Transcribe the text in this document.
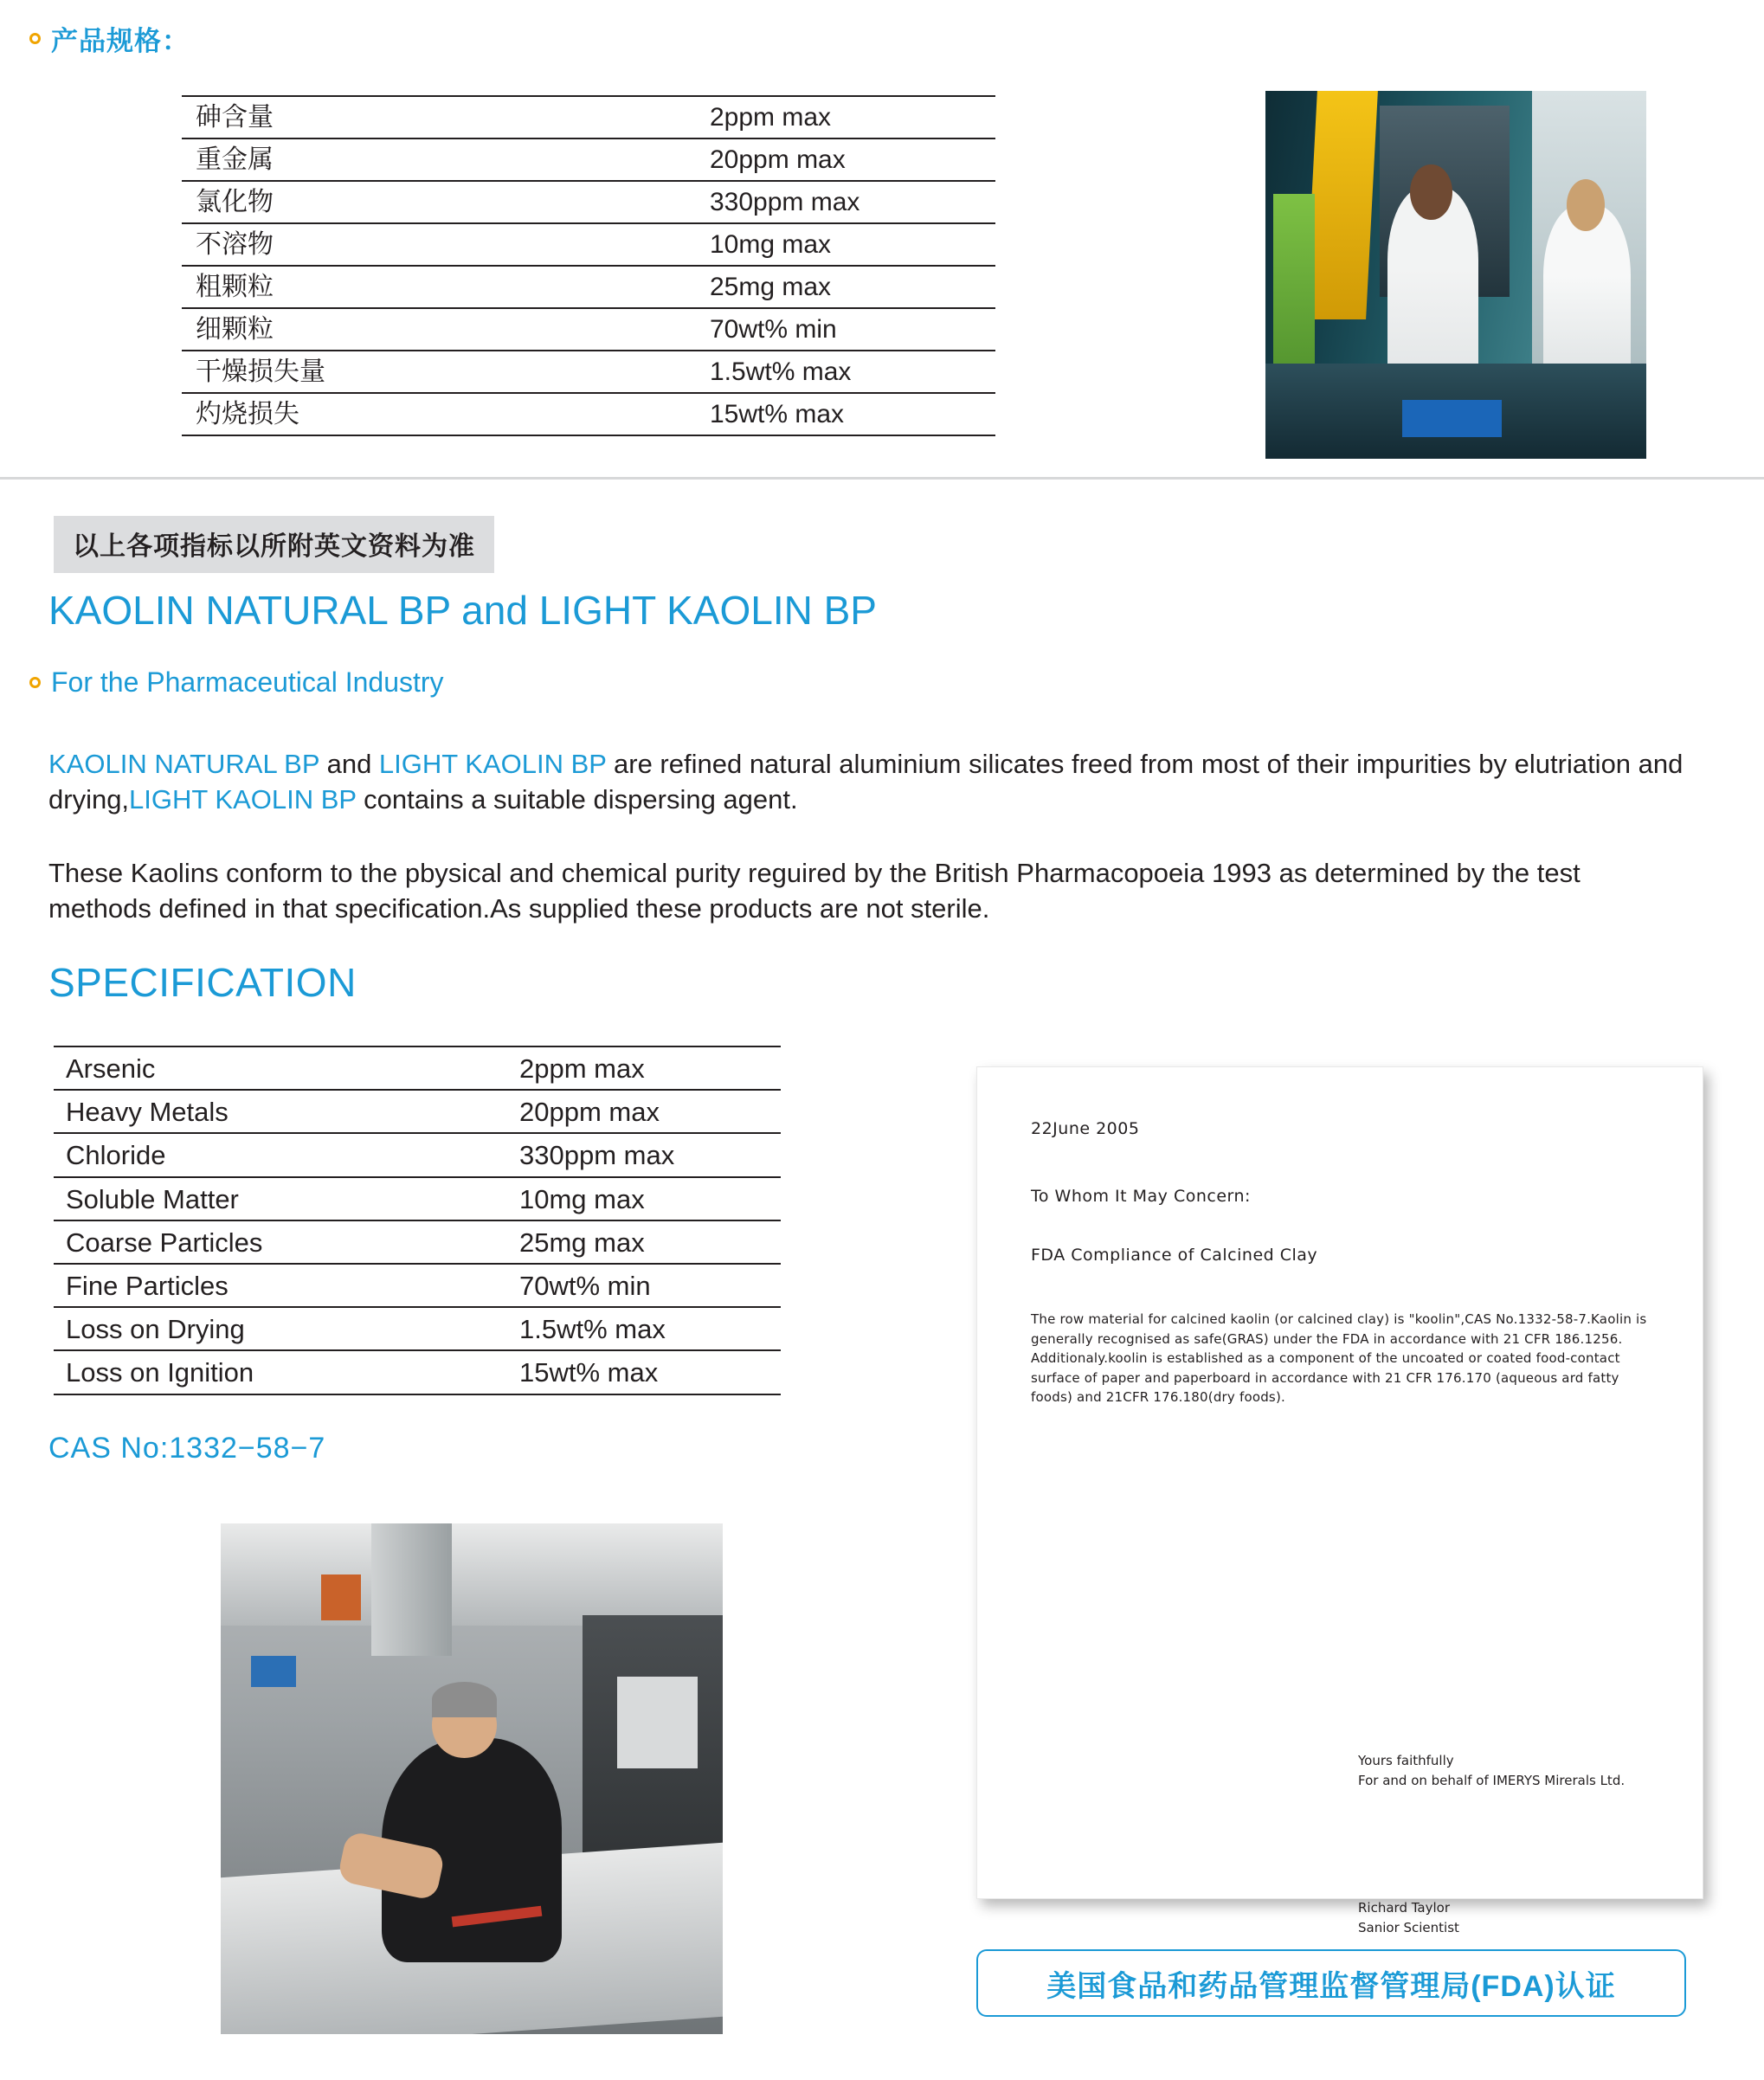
产品规格：
砷含量	2ppm max
重金属	20ppm max
氯化物	330ppm max
不溶物	10mg max
粗颗粒	25mg max
细颗粒	70wt% min
干燥损失量	1.5wt% max
灼烧损失	15wt% max
以上各项指标以所附英文资料为准
KAOLIN NATURAL BP and LIGHT KAOLIN BP
For the Pharmaceutical Industry
KAOLIN NATURAL BP and LIGHT KAOLIN BP are refined natural aluminium silicates freed from most of their impurities by elutriation and drying,LIGHT KAOLIN BP contains a suitable dispersing agent.
These Kaolins conform to the pbysical and chemical purity reguired by the British Pharmacopoeia 1993 as determined by the test methods defined in that specification.As supplied these products are not sterile.
SPECIFICATION
Arsenic	2ppm max
Heavy Metals	20ppm max
Chloride	330ppm max
Soluble Matter	10mg max
Coarse Particles	25mg max
Fine Particles	70wt% min
Loss on Drying	1.5wt% max
Loss on Ignition	15wt% max
CAS No:1332−58−7
22June 2005
To Whom It May Concern:
FDA Compliance of Calcined Clay
The row material for calcined kaolin (or calcined clay) is "koolin",CAS No.1332-58-7.Kaolin is generally recognised as safe(GRAS) under the FDA in accordance with 21 CFR 186.1256. Additionaly.koolin is established as a component of the uncoated or coated food-contact surface of paper and paperboard in accordance with 21 CFR 176.170 (aqueous ard fatty foods) and 21CFR 176.180(dry foods).
Yours faithfully
For and on behalf of IMERYS Mirerals Ltd.
Richard Taylor
Sanior Scientist
美国食品和药品管理监督管理局(FDA)认证
